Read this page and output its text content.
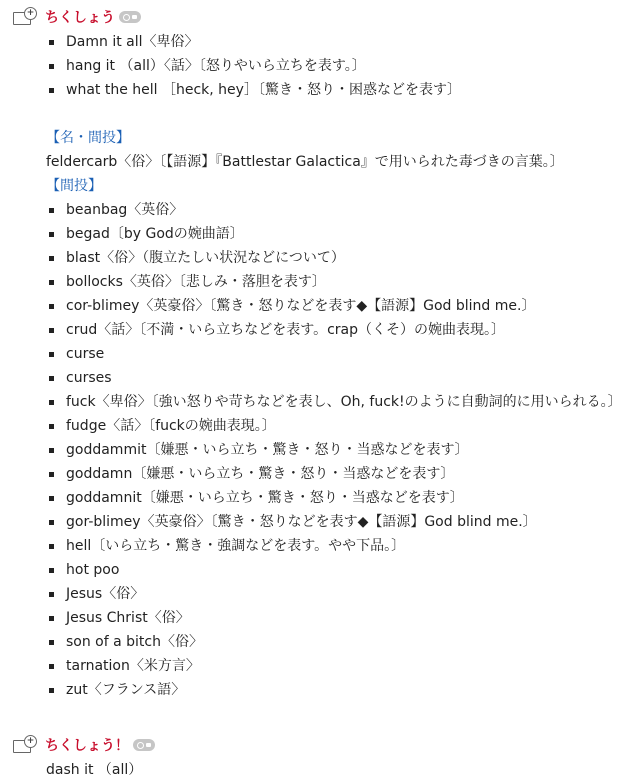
+ ちくしょう
Damn it all〈卑俗〉
hang it （all）〈話〉〔怒りやいら立ちを表す。〕
what the hell ［heck, hey］〔驚き・怒り・困惑などを表す〕
【名・間投】
feldercarb〈俗〉〔【語源】『Battlestar Galactica』で用いられた毒づきの言葉。〕
【間投】
beanbag〈英俗〉
begad〔by Godの婉曲語〕
blast〈俗〉（腹立たしい状況などについて）
bollocks〈英俗〉〔悲しみ・落胆を表す〕
cor-blimey〈英豪俗〉〔驚き・怒りなどを表す◆【語源】God blind me.〕
crud〈話〉〔不満・いら立ちなどを表す。crap（くそ）の婉曲表現。〕
curse
curses
fuck〈卑俗〉〔強い怒りや苛ちなどを表し、Oh, fuck!のように自動詞的に用いられる。〕
fudge〈話〉〔fuckの婉曲表現。〕
goddammit〔嫌悪・いら立ち・驚き・怒り・当惑などを表す〕
goddamn〔嫌悪・いら立ち・驚き・怒り・当惑などを表す〕
goddamnit〔嫌悪・いら立ち・驚き・怒り・当惑などを表す〕
gor-blimey〈英豪俗〉〔驚き・怒りなどを表す◆【語源】God blind me.〕
hell〔いら立ち・驚き・強調などを表す。やや下品。〕
hot poo
Jesus〈俗〉
Jesus Christ〈俗〉
son of a bitch〈俗〉
tarnation〈米方言〉
zut〈フランス語〉
+ ちくしょう！
dash it （all）
